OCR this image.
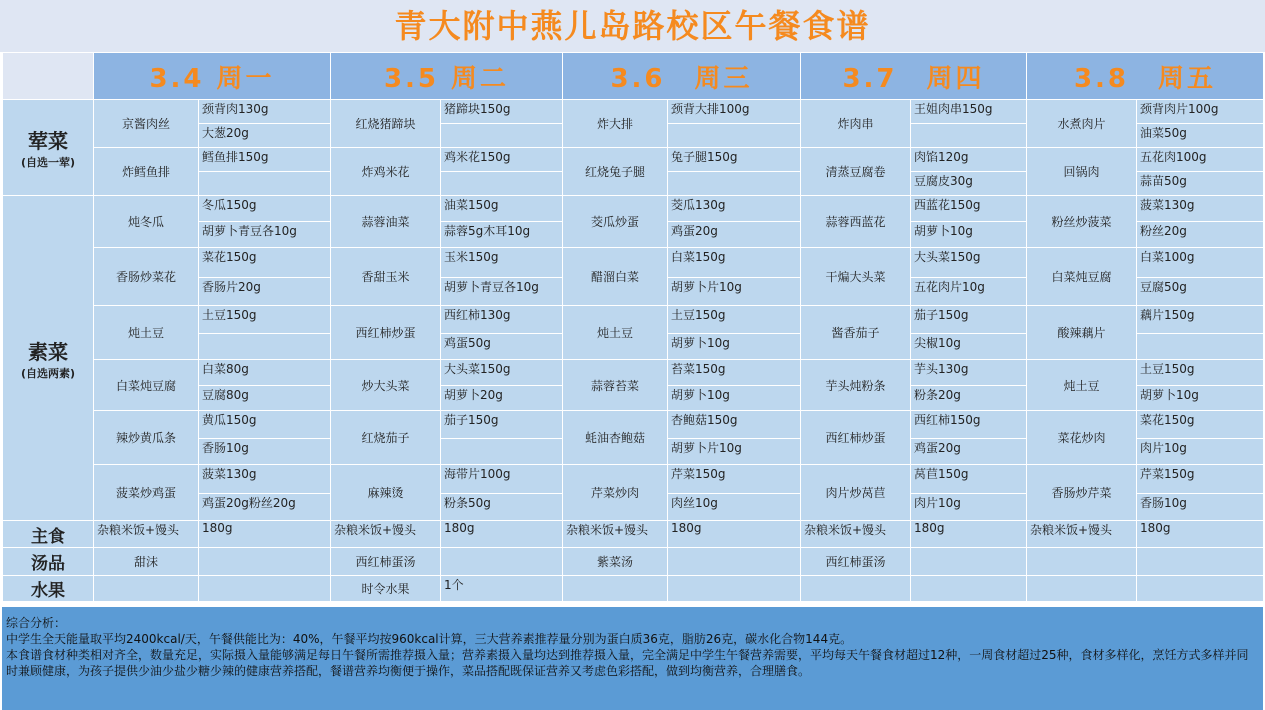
青大附中燕儿岛路校区午餐食谱
	3.4 周一		3.5 周二		3.6　周三		3.7　周四		3.8　周五	

荤菜
(自选一荤)	京酱肉丝	颈背肉130g	红烧猪蹄块	猪蹄块150g	炸大排	颈背大排100g	炸肉串	王姐肉串150g	水煮肉片	颈背肉片100g
		大葱20g								油菜50g
	炸鳕鱼排	鳕鱼排150g	炸鸡米花	鸡米花150g	红烧兔子腿	兔子腿150g	清蒸豆腐卷	肉馅120g	回锅肉	五花肉100g
								豆腐皮30g		蒜苗50g

素菜
(自选两素)	炖冬瓜	冬瓜150g	蒜蓉油菜	油菜150g	茭瓜炒蛋	茭瓜130g	蒜蓉西蓝花	西蓝花150g	粉丝炒菠菜	菠菜130g
		胡萝卜青豆各10g		蒜蓉5g木耳10g		鸡蛋20g		胡萝卜10g		粉丝20g
	香肠炒菜花	菜花150g	香甜玉米	玉米150g	醋溜白菜	白菜150g	干煸大头菜	大头菜150g	白菜炖豆腐	白菜100g
		香肠片20g		胡萝卜青豆各10g		胡萝卜片10g		五花肉片10g		豆腐50g
	炖土豆	土豆150g	西红柿炒蛋	西红柿130g	炖土豆	土豆150g	酱香茄子	茄子150g	酸辣藕片	藕片150g
				鸡蛋50g		胡萝卜10g		尖椒10g		
	白菜炖豆腐	白菜80g	炒大头菜	大头菜150g	蒜蓉苔菜	苔菜150g	芋头炖粉条	芋头130g	炖土豆	土豆150g
		豆腐80g		胡萝卜20g		胡萝卜10g		粉条20g		胡萝卜10g
	辣炒黄瓜条	黄瓜150g	红烧茄子	茄子150g	蚝油杏鲍菇	杏鲍菇150g	西红柿炒蛋	西红柿150g	菜花炒肉	菜花150g
		香肠10g				胡萝卜片10g		鸡蛋20g		肉片10g
	菠菜炒鸡蛋	菠菜130g	麻辣烫	海带片100g	芹菜炒肉	芹菜150g	肉片炒莴苣	莴苣150g	香肠炒芹菜	芹菜150g
		鸡蛋20g粉丝20g		粉条50g		肉丝10g		肉片10g		香肠10g
主食	杂粮米饭+馒头	180g	杂粮米饭+馒头	180g	杂粮米饭+馒头	180g	杂粮米饭+馒头	180g	杂粮米饭+馒头	180g
汤品	甜沫		西红柿蛋汤		紫菜汤		西红柿蛋汤			
水果			时令水果	1个						
综合分析：
中学生全天能量取平均2400kcal/天，午餐供能比为：40%，午餐平均按960kcal计算，三大营养素推荐量分别为蛋白质36克，脂肪26克，碳水化合物144克。
本食谱食材种类相对齐全，数量充足，实际摄入量能够满足每日午餐所需推荐摄入量；营养素摄入量均达到推荐摄入量，完全满足中学生午餐营养需要，平均每天午餐食材超过12种，一周食材超过25种，食材多样化，烹饪方式多样并同时兼顾健康，为孩子提供少油少盐少糖少辣的健康营养搭配，餐谱营养均衡便于操作，菜品搭配既保证营养又考虑色彩搭配，做到均衡营养，合理膳食。
